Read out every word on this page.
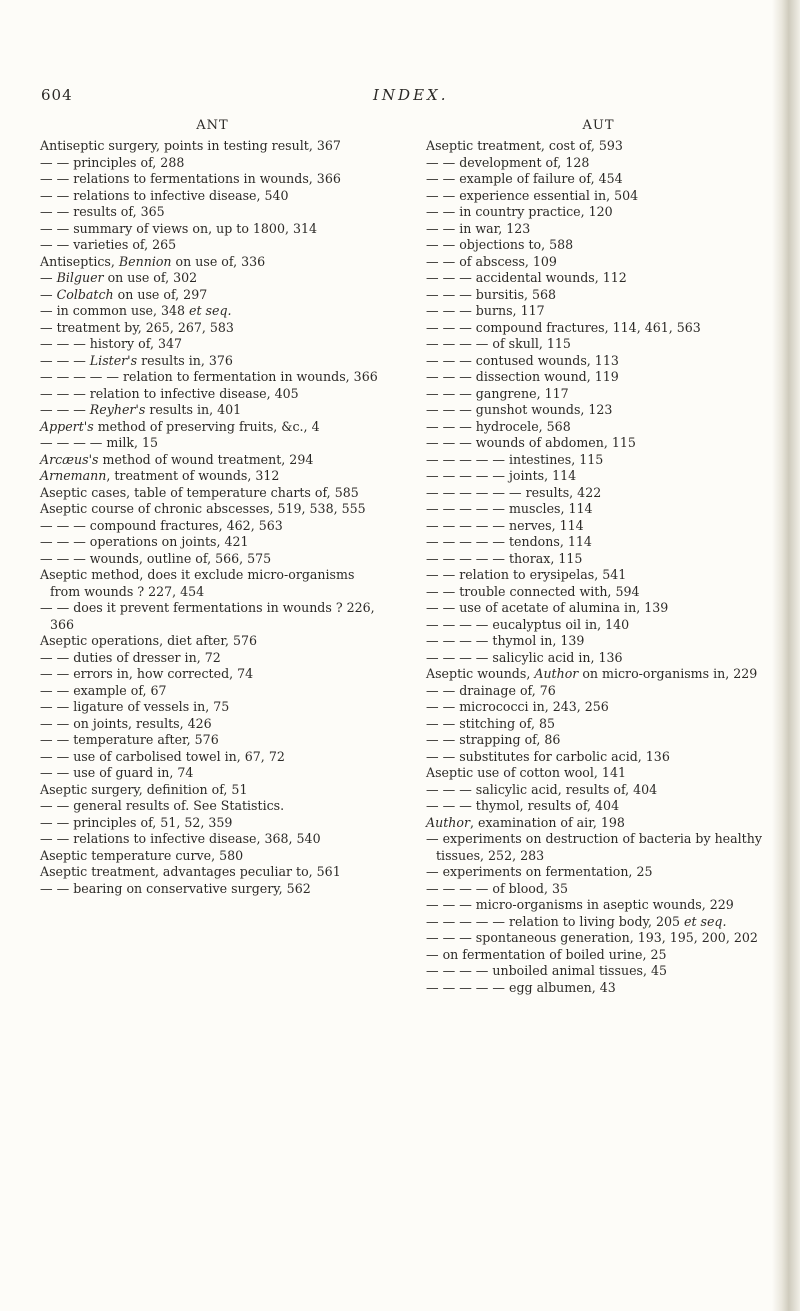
604	INDEX.
ANT
Antiseptic surgery, points in testing result, 367
— — principles of, 288
— — relations to fermentations in wounds, 366
— — relations to infective disease, 540
— — results of, 365
— — summary of views on, up to 1800, 314
— — varieties of, 265
Antiseptics, Bennion on use of, 336
— Bilguer on use of, 302
— Colbatch on use of, 297
— in common use, 348 et seq.
— treatment by, 265, 267, 583
— — — history of, 347
— — — Lister's results in, 376
— — — — — relation to fermentation in wounds, 366
— — — relation to infective disease, 405
— — — Reyher's results in, 401
Appert's method of preserving fruits, &c., 4
— — — — milk, 15
Arcæus's method of wound treatment, 294
Arnemann, treatment of wounds, 312
Aseptic cases, table of temperature charts of, 585
Aseptic course of chronic abscesses, 519, 538, 555
— — — compound fractures, 462, 563
— — — operations on joints, 421
— — — wounds, outline of, 566, 575
Aseptic method, does it exclude micro-organisms from wounds ? 227, 454
— — does it prevent fermentations in wounds ? 226, 366
Aseptic operations, diet after, 576
— — duties of dresser in, 72
— — errors in, how corrected, 74
— — example of, 67
— — ligature of vessels in, 75
— — on joints, results, 426
— — temperature after, 576
— — use of carbolised towel in, 67, 72
— — use of guard in, 74
Aseptic surgery, definition of, 51
— — general results of. See Statistics.
— — principles of, 51, 52, 359
— — relations to infective disease, 368, 540
Aseptic temperature curve, 580
Aseptic treatment, advantages peculiar to, 561
— — bearing on conservative surgery, 562
AUT
Aseptic treatment, cost of, 593
— — development of, 128
— — example of failure of, 454
— — experience essential in, 504
— — in country practice, 120
— — in war, 123
— — objections to, 588
— — of abscess, 109
— — — accidental wounds, 112
— — — bursitis, 568
— — — burns, 117
— — — compound fractures, 114, 461, 563
— — — — of skull, 115
— — — contused wounds, 113
— — — dissection wound, 119
— — — gangrene, 117
— — — gunshot wounds, 123
— — — hydrocele, 568
— — — wounds of abdomen, 115
— — — — — intestines, 115
— — — — — joints, 114
— — — — — — results, 422
— — — — — muscles, 114
— — — — — nerves, 114
— — — — — tendons, 114
— — — — — thorax, 115
— — relation to erysipelas, 541
— — trouble connected with, 594
— — use of acetate of alumina in, 139
— — — — eucalyptus oil in, 140
— — — — thymol in, 139
— — — — salicylic acid in, 136
Aseptic wounds, Author on micro-organisms in, 229
— — drainage of, 76
— — micrococci in, 243, 256
— — stitching of, 85
— — strapping of, 86
— — substitutes for carbolic acid, 136
Aseptic use of cotton wool, 141
— — — salicylic acid, results of, 404
— — — thymol, results of, 404
Author, examination of air, 198
— experiments on destruction of bacteria by healthy tissues, 252, 283
— experiments on fermentation, 25
— — — — of blood, 35
— — — micro-organisms in aseptic wounds, 229
— — — — — relation to living body, 205 et seq.
— — — spontaneous generation, 193, 195, 200, 202
— on fermentation of boiled urine, 25
— — — — unboiled animal tissues, 45
— — — — — egg albumen, 43
